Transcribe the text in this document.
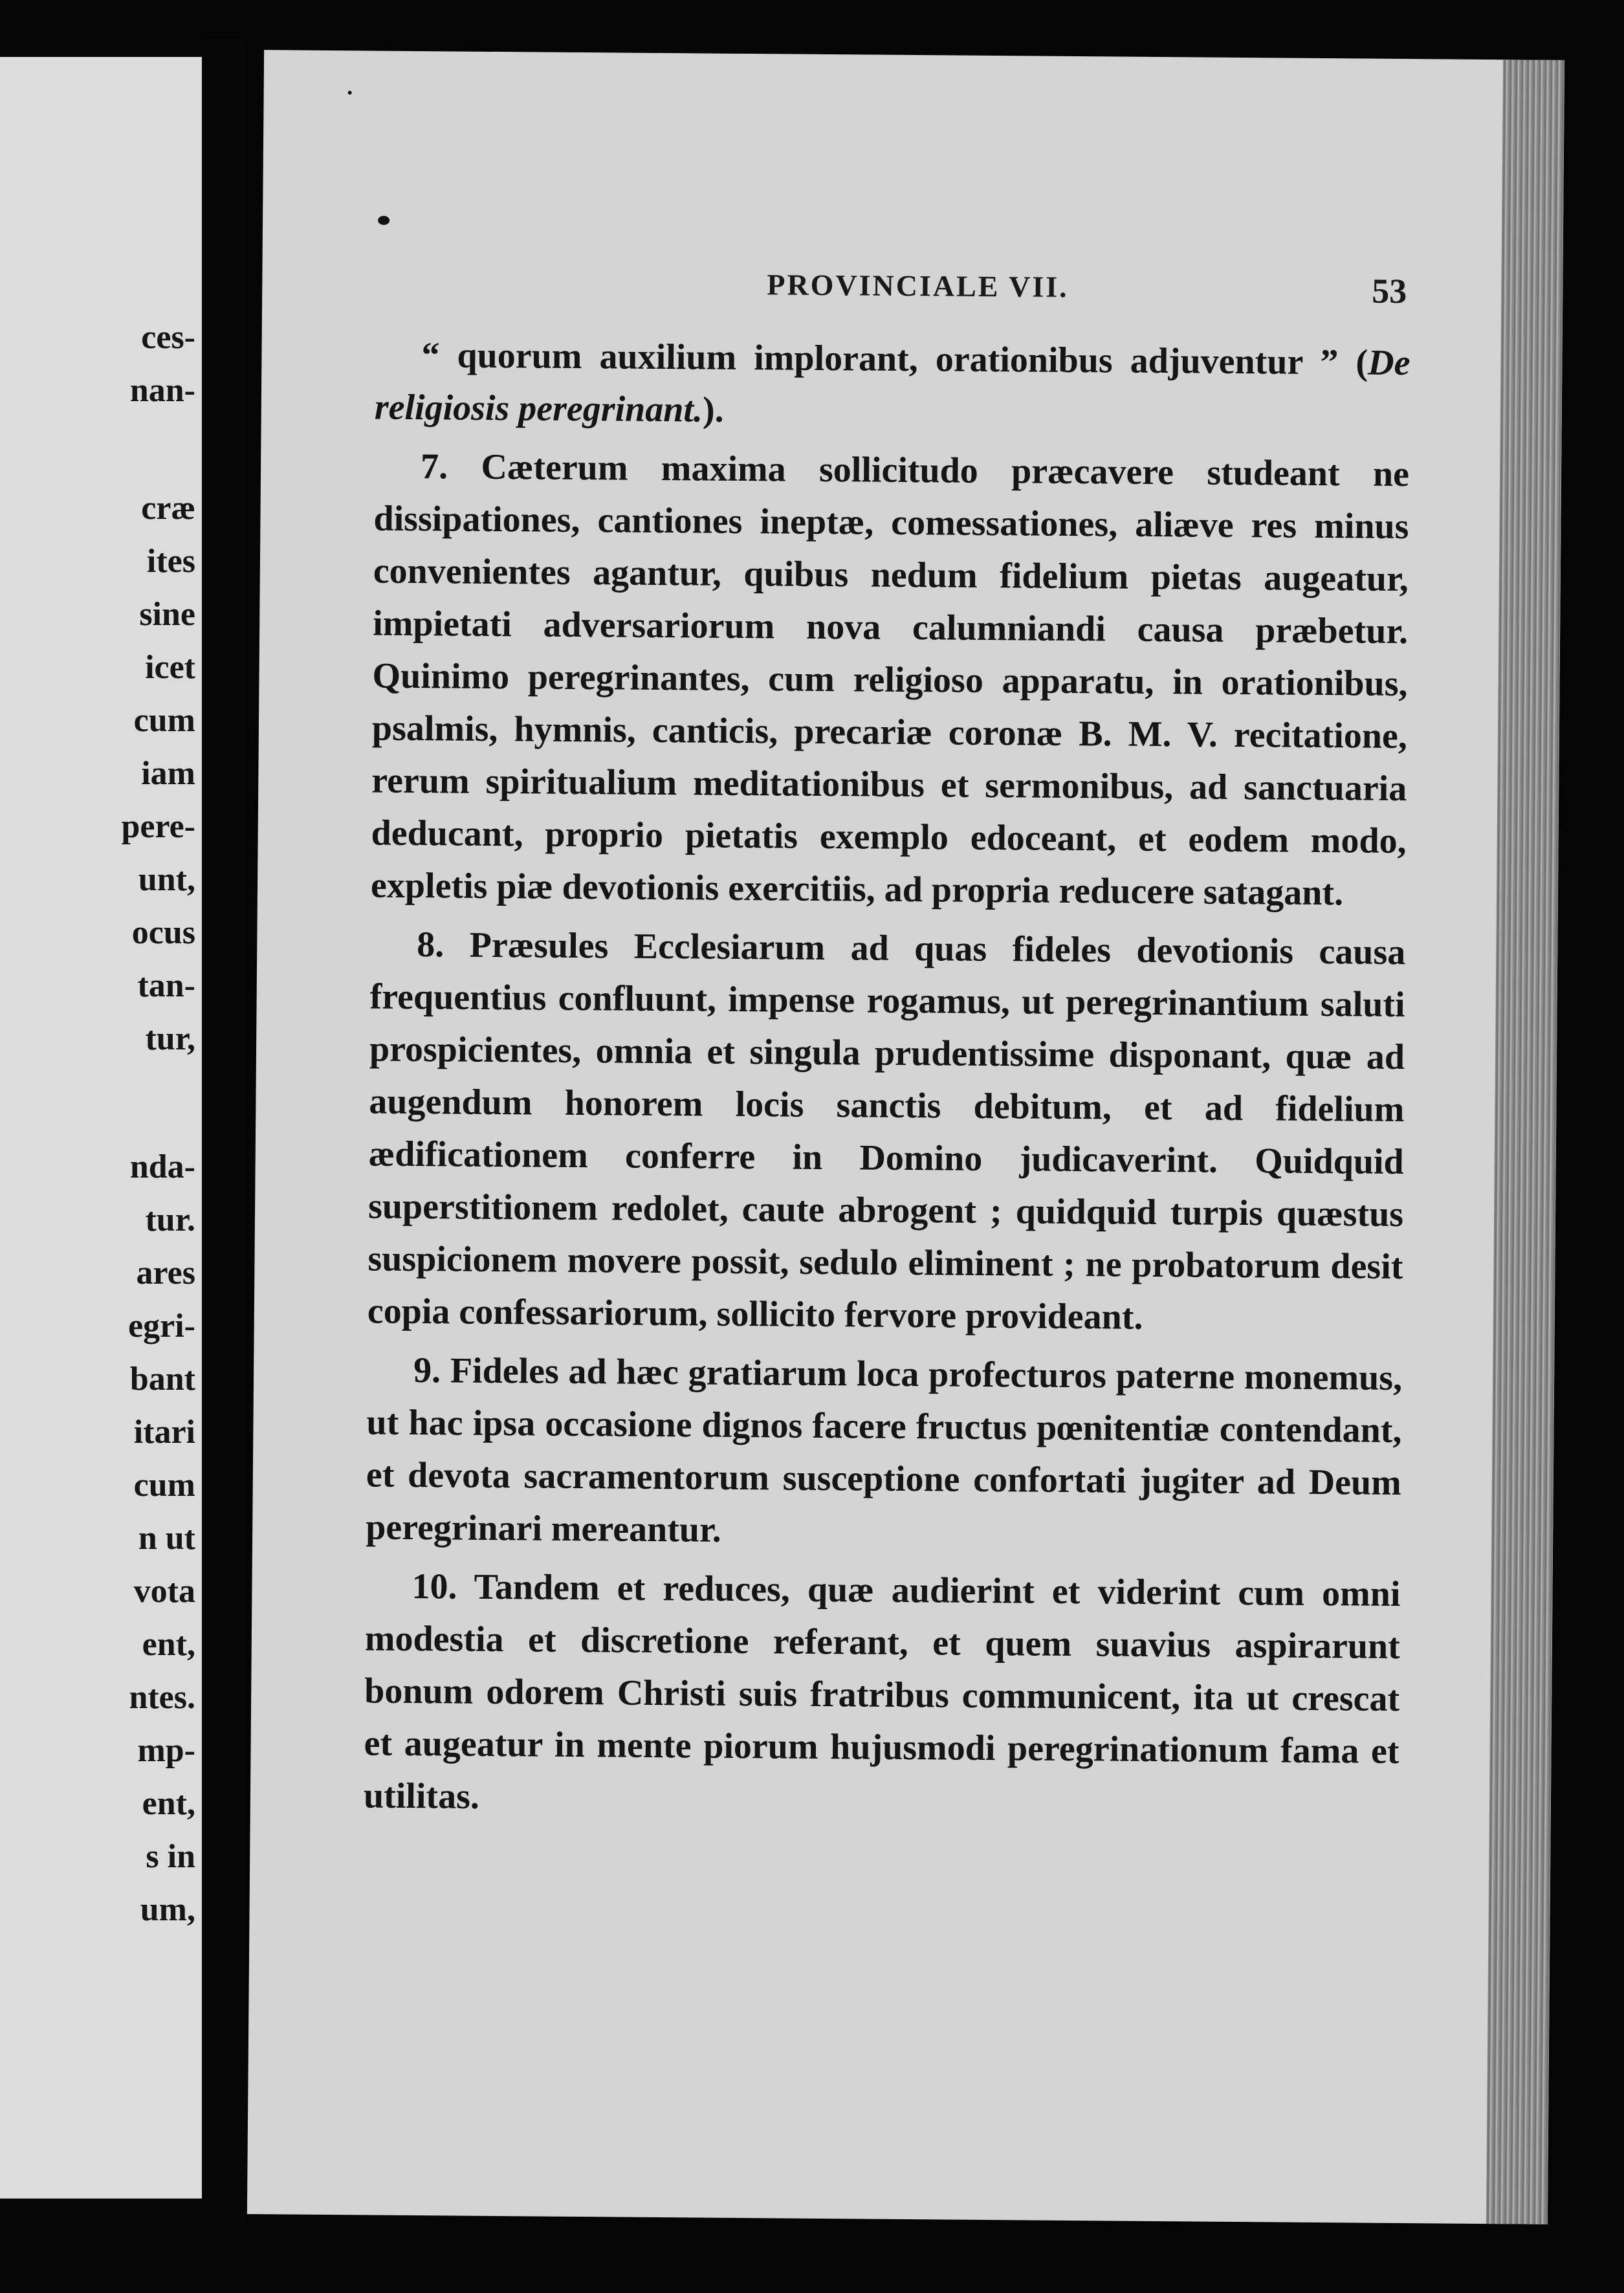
ces-
nan-
cræ
ites
sine
icet
cum
iam
pere-
unt,
ocus
tan-
tur,
nda-
tur.
ares
egri-
bant
itari
cum
n ut
vota
ent,
ntes.
mp-
ent,
s in
um,
PROVINCIALE VII.	53

“ quorum auxilium implorant, orationibus adjuventur ” (De religiosis peregrinant.).

7. Cæterum maxima sollicitudo præcavere studeant ne dissipationes, cantiones ineptæ, comessationes, aliæve res minus convenientes agantur, quibus nedum fidelium pietas augeatur, impietati adversariorum nova calumniandi causa præbetur. Quinimo peregrinantes, cum religioso apparatu, in orationibus, psalmis, hymnis, canticis, precariæ coronæ B. M. V. recitatione, rerum spiritualium meditationibus et sermonibus, ad sanctuaria deducant, proprio pietatis exemplo edoceant, et eodem modo, expletis piæ devotionis exercitiis, ad propria reducere satagant.

8. Præsules Ecclesiarum ad quas fideles devotionis causa frequentius confluunt, impense rogamus, ut peregrinantium saluti prospicientes, omnia et singula prudentissime disponant, quæ ad augendum honorem locis sanctis debitum, et ad fidelium ædificationem conferre in Domino judicaverint. Quidquid superstitionem redolet, caute abrogent ; quidquid turpis quæstus suspicionem movere possit, sedulo eliminent ; ne probatorum desit copia confessariorum, sollicito fervore provideant.

9. Fideles ad hæc gratiarum loca profecturos paterne monemus, ut hac ipsa occasione dignos facere fructus pœnitentiæ contendant, et devota sacramentorum susceptione confortati jugiter ad Deum peregrinari mereantur.

10. Tandem et reduces, quæ audierint et viderint cum omni modestia et discretione referant, et quem suavius aspirarunt bonum odorem Christi suis fratribus communicent, ita ut crescat et augeatur in mente piorum hujusmodi peregrinationum fama et utilitas.
